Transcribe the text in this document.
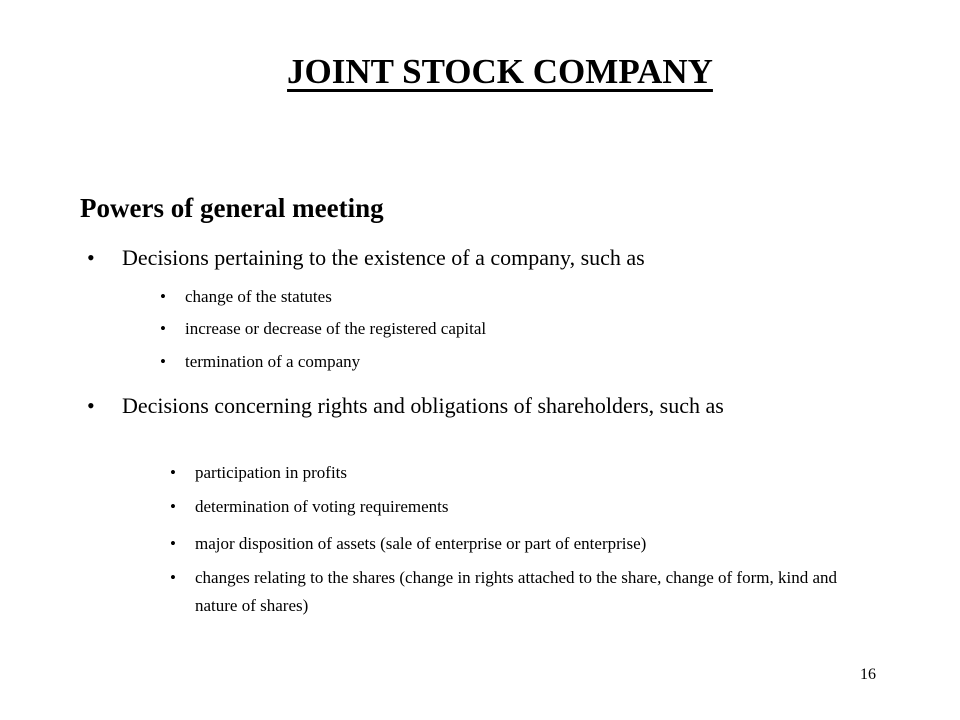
JOINT STOCK COMPANY
Powers of general meeting
•	Decisions pertaining to the existence of a company, such as
•	change of the statutes
•	increase or decrease of the registered capital
•	termination of a company
•	Decisions concerning rights and obligations of shareholders, such as
•	participation in profits
•	determination of voting requirements
•	major disposition of assets (sale of enterprise or part of enterprise)
•	changes relating to the shares (change in rights attached to the share, change of form, kind and nature of shares)
16
